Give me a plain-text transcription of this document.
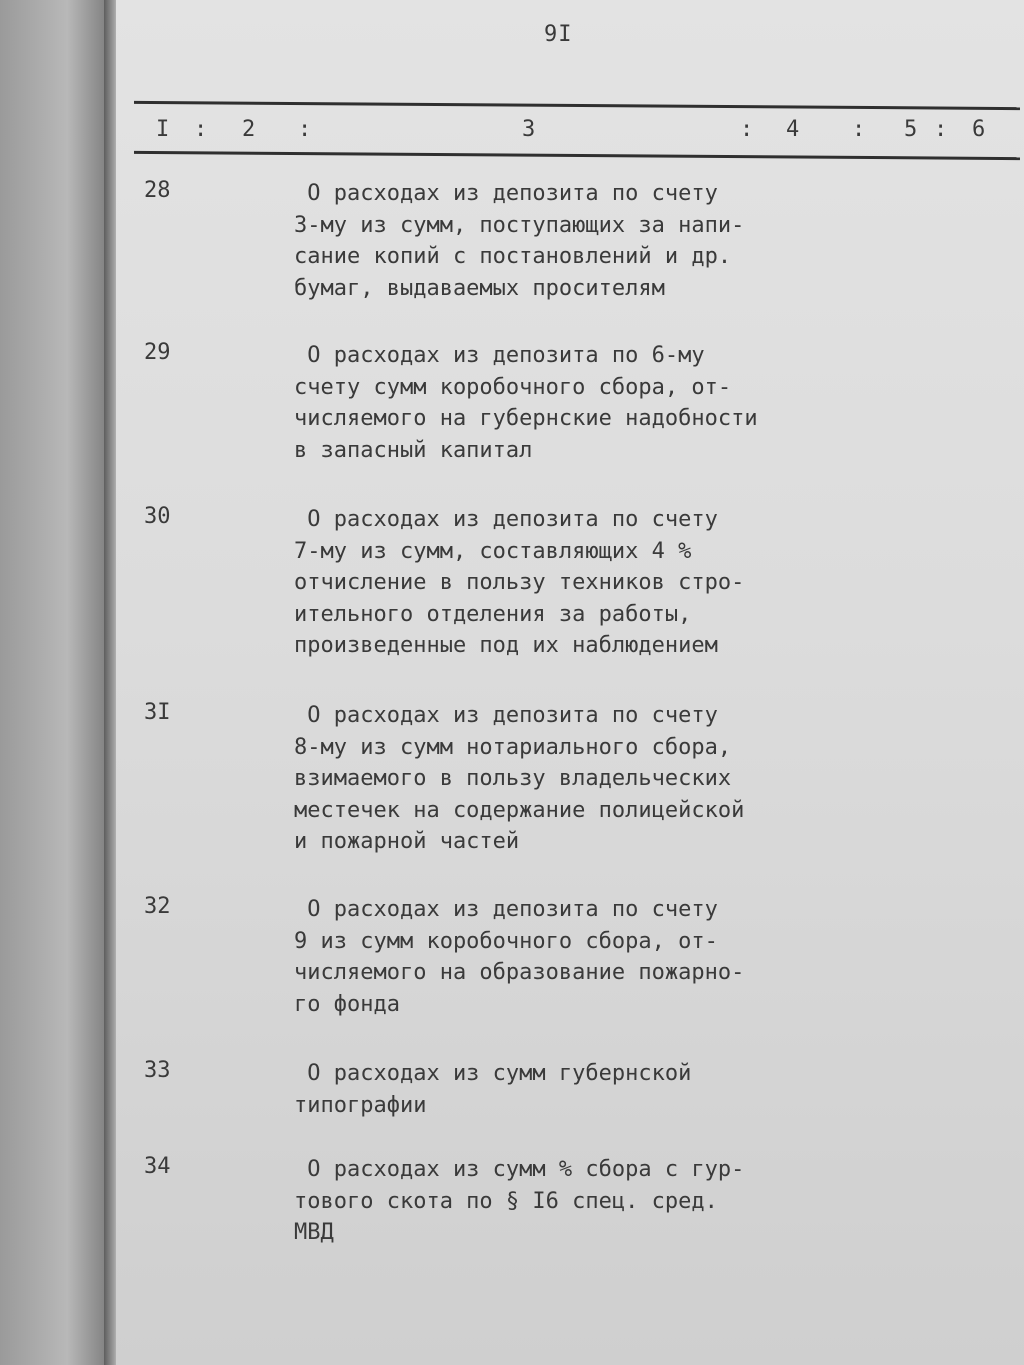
9I
I : 2 :	3	: 4 : 5 : 6
28	О расходах из депозита по счету
3-му из сумм, поступающих за напи-
сание копий с постановлений и др.
бумаг, выдаваемых просителям
29	О расходах из депозита по 6-му
счету сумм коробочного сбора, от-
числяемого на губернские надобности
в запасный капитал
30	О расходах из депозита по счету
7-му из сумм, составляющих 4 %
отчисление в пользу техников стро-
ительного отделения за работы,
произведенные под их наблюдением
3I	О расходах из депозита по счету
8-му из сумм нотариального сбора,
взимаемого в пользу владельческих
местечек на содержание полицейской
и пожарной частей
32	О расходах из депозита по счету
9 из сумм коробочного сбора, от-
числяемого на образование пожарно-
го фонда
33	О расходах из сумм губернской
типографии
34	О расходах из сумм % сбора с гур-
тового скота по § I6 спец. сред.
МВД
